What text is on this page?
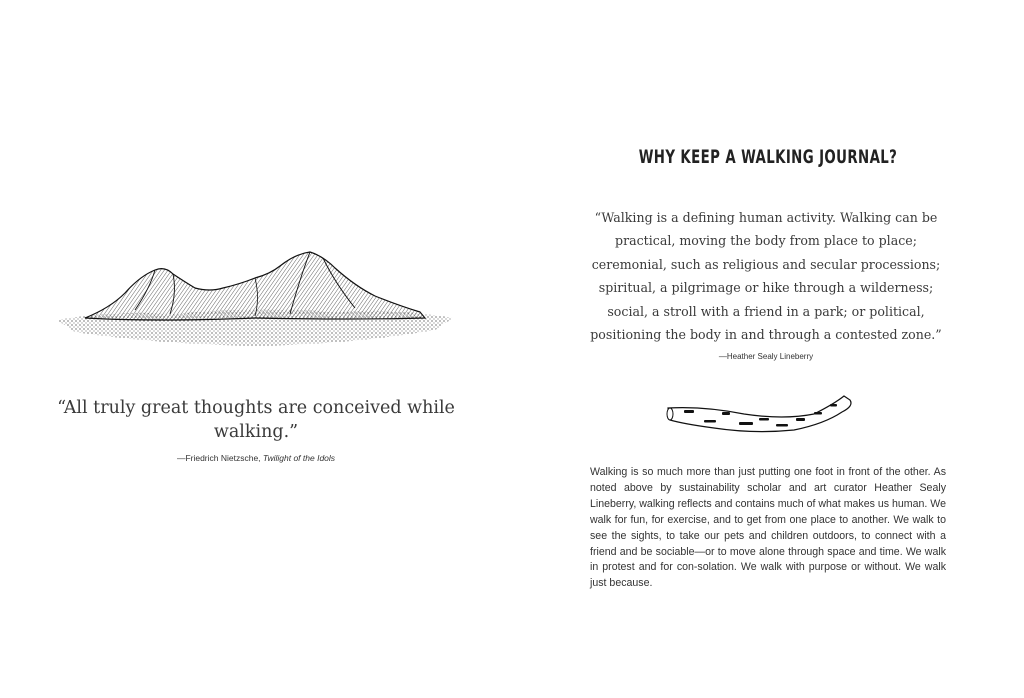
“All truly great thoughts are conceived while walking.”
—Friedrich Nietzsche, Twilight of the Idols
WHY KEEP A WALKING JOURNAL?
“Walking is a defining human activity. Walking can be practical, moving the body from place to place; ceremonial, such as religious and secular processions; spiritual, a pilgrimage or hike through a wilderness; social, a stroll with a friend in a park; or political, positioning the body in and through a contested zone.”
—Heather Sealy Lineberry
Walking is so much more than just putting one foot in front of the other. As noted above by sustainability scholar and art curator Heather Sealy Lineberry, walking reflects and contains much of what makes us human. We walk for fun, for exercise, and to get from one place to another. We walk to see the sights, to take our pets and children outdoors, to connect with a friend and be sociable—or to move alone through space and time. We walk in protest and for con-solation. We walk with purpose or without. We walk just because.
